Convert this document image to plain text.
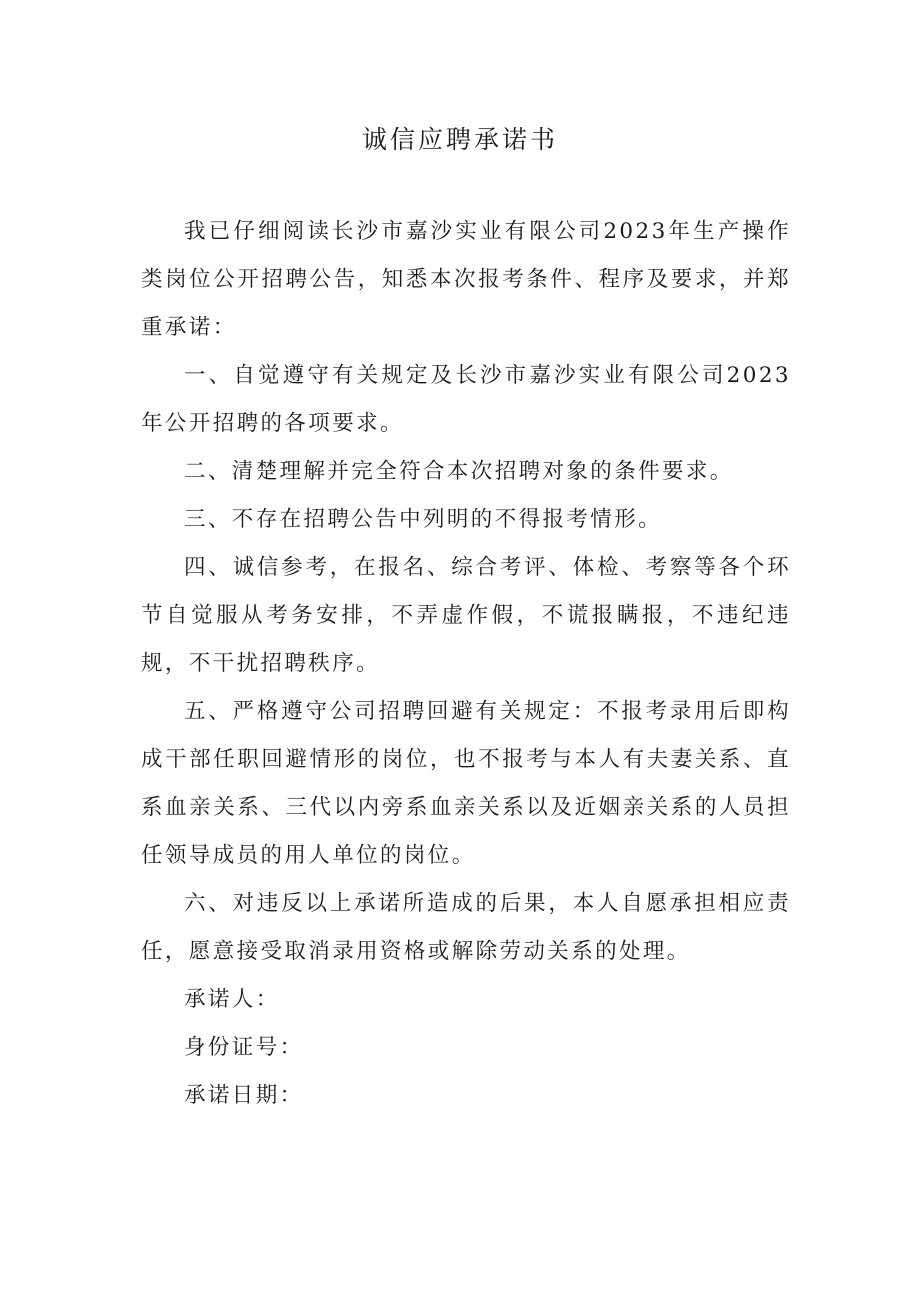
诚信应聘承诺书

我已仔细阅读长沙市嘉沙实业有限公司2023年生产操作类岗位公开招聘公告，知悉本次报考条件、程序及要求，并郑重承诺：

一、自觉遵守有关规定及长沙市嘉沙实业有限公司2023年公开招聘的各项要求。

二、清楚理解并完全符合本次招聘对象的条件要求。

三、不存在招聘公告中列明的不得报考情形。

四、诚信参考，在报名、综合考评、体检、考察等各个环节自觉服从考务安排，不弄虚作假，不谎报瞒报，不违纪违规，不干扰招聘秩序。

五、严格遵守公司招聘回避有关规定：不报考录用后即构成干部任职回避情形的岗位，也不报考与本人有夫妻关系、直系血亲关系、三代以内旁系血亲关系以及近姻亲关系的人员担任领导成员的用人单位的岗位。

六、对违反以上承诺所造成的后果，本人自愿承担相应责任，愿意接受取消录用资格或解除劳动关系的处理。

承诺人：
身份证号：
承诺日期：
